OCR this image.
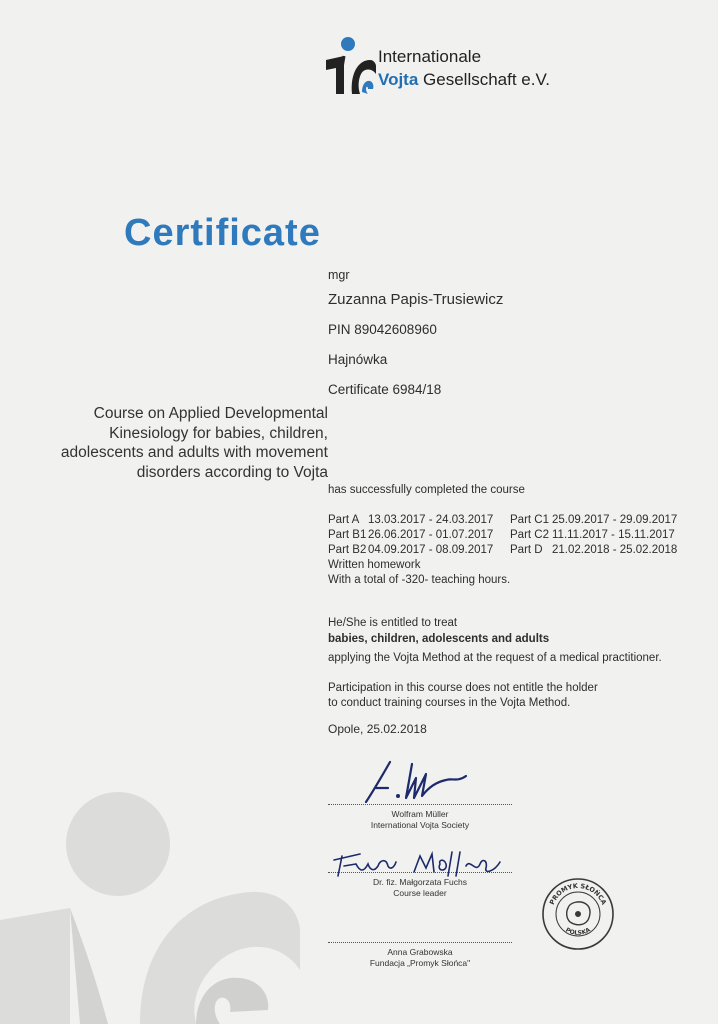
Internationale
Vojta Gesellschaft e.V.
Certificate
mgr
Zuzanna Papis-Trusiewicz
PIN 89042608960
Hajnówka
Certificate 6984/18
Course on Applied Developmental
Kinesiology for babies, children,
adolescents and adults with movement
disorders according to Vojta
has successfully completed the course
Part A 13.03.2017 - 24.03.2017 Part C1 25.09.2017 - 29.09.2017
Part B1 26.06.2017 - 01.07.2017 Part C2 11.11.2017 - 15.11.2017
Part B2 04.09.2017 - 08.09.2017 Part D 21.02.2018 - 25.02.2018
Written homework
With a total of -320- teaching hours.
He/She is entitled to treat
babies, children, adolescents and adults
applying the Vojta Method at the request of a medical practitioner.
Participation in this course does not entitle the holder
to conduct training courses in the Vojta Method.
Opole, 25.02.2018
Wolfram Müller
International Vojta Society
Dr. fiz. Małgorzata Fuchs
Course leader
PROMYK SŁOŃCA
POLSKA
Anna Grabowska
Fundacja „Promyk Słońca"
